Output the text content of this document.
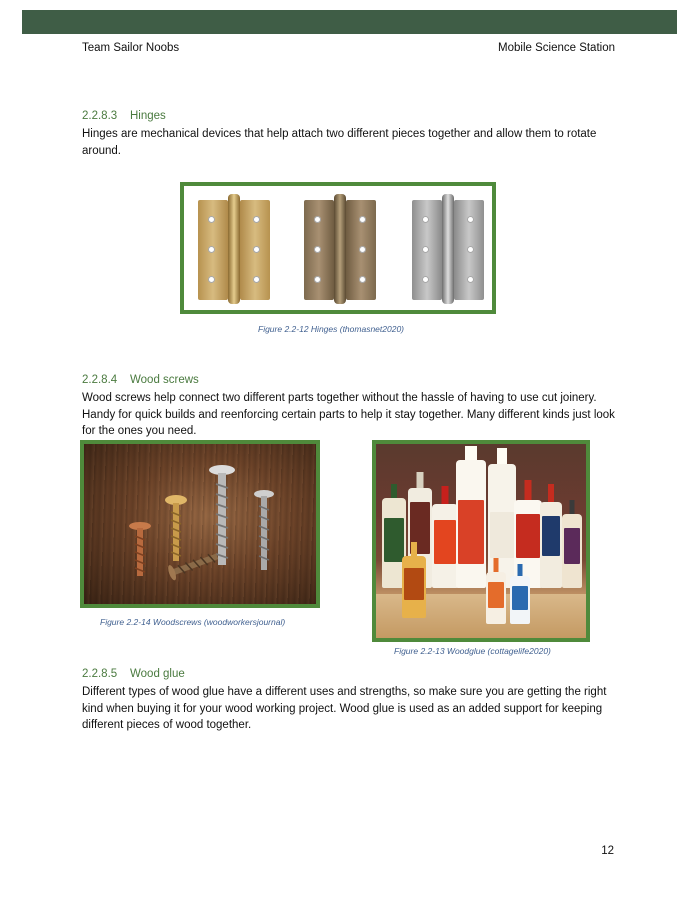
Team Sailor Noobs	Mobile Science Station
2.2.8.3 Hinges
Hinges are mechanical devices that help attach two different pieces together and allow them to rotate around.
Figure 2.2-12 Hinges (thomasnet2020)
2.2.8.4 Wood screws
Wood screws help connect two different parts together without the hassle of having to use cut joinery. Handy for quick builds and reenforcing certain parts to help it stay together. Many different kinds just look for the ones you need.
Figure 2.2-14 Woodscrews (woodworkersjournal)
Figure 2.2-13 Woodglue (cottagelife2020)
2.2.8.5 Wood glue
Different types of wood glue have a different uses and strengths, so make sure you are getting the right kind when buying it for your wood working project. Wood glue is used as an added support for keeping different pieces of wood together.
12
